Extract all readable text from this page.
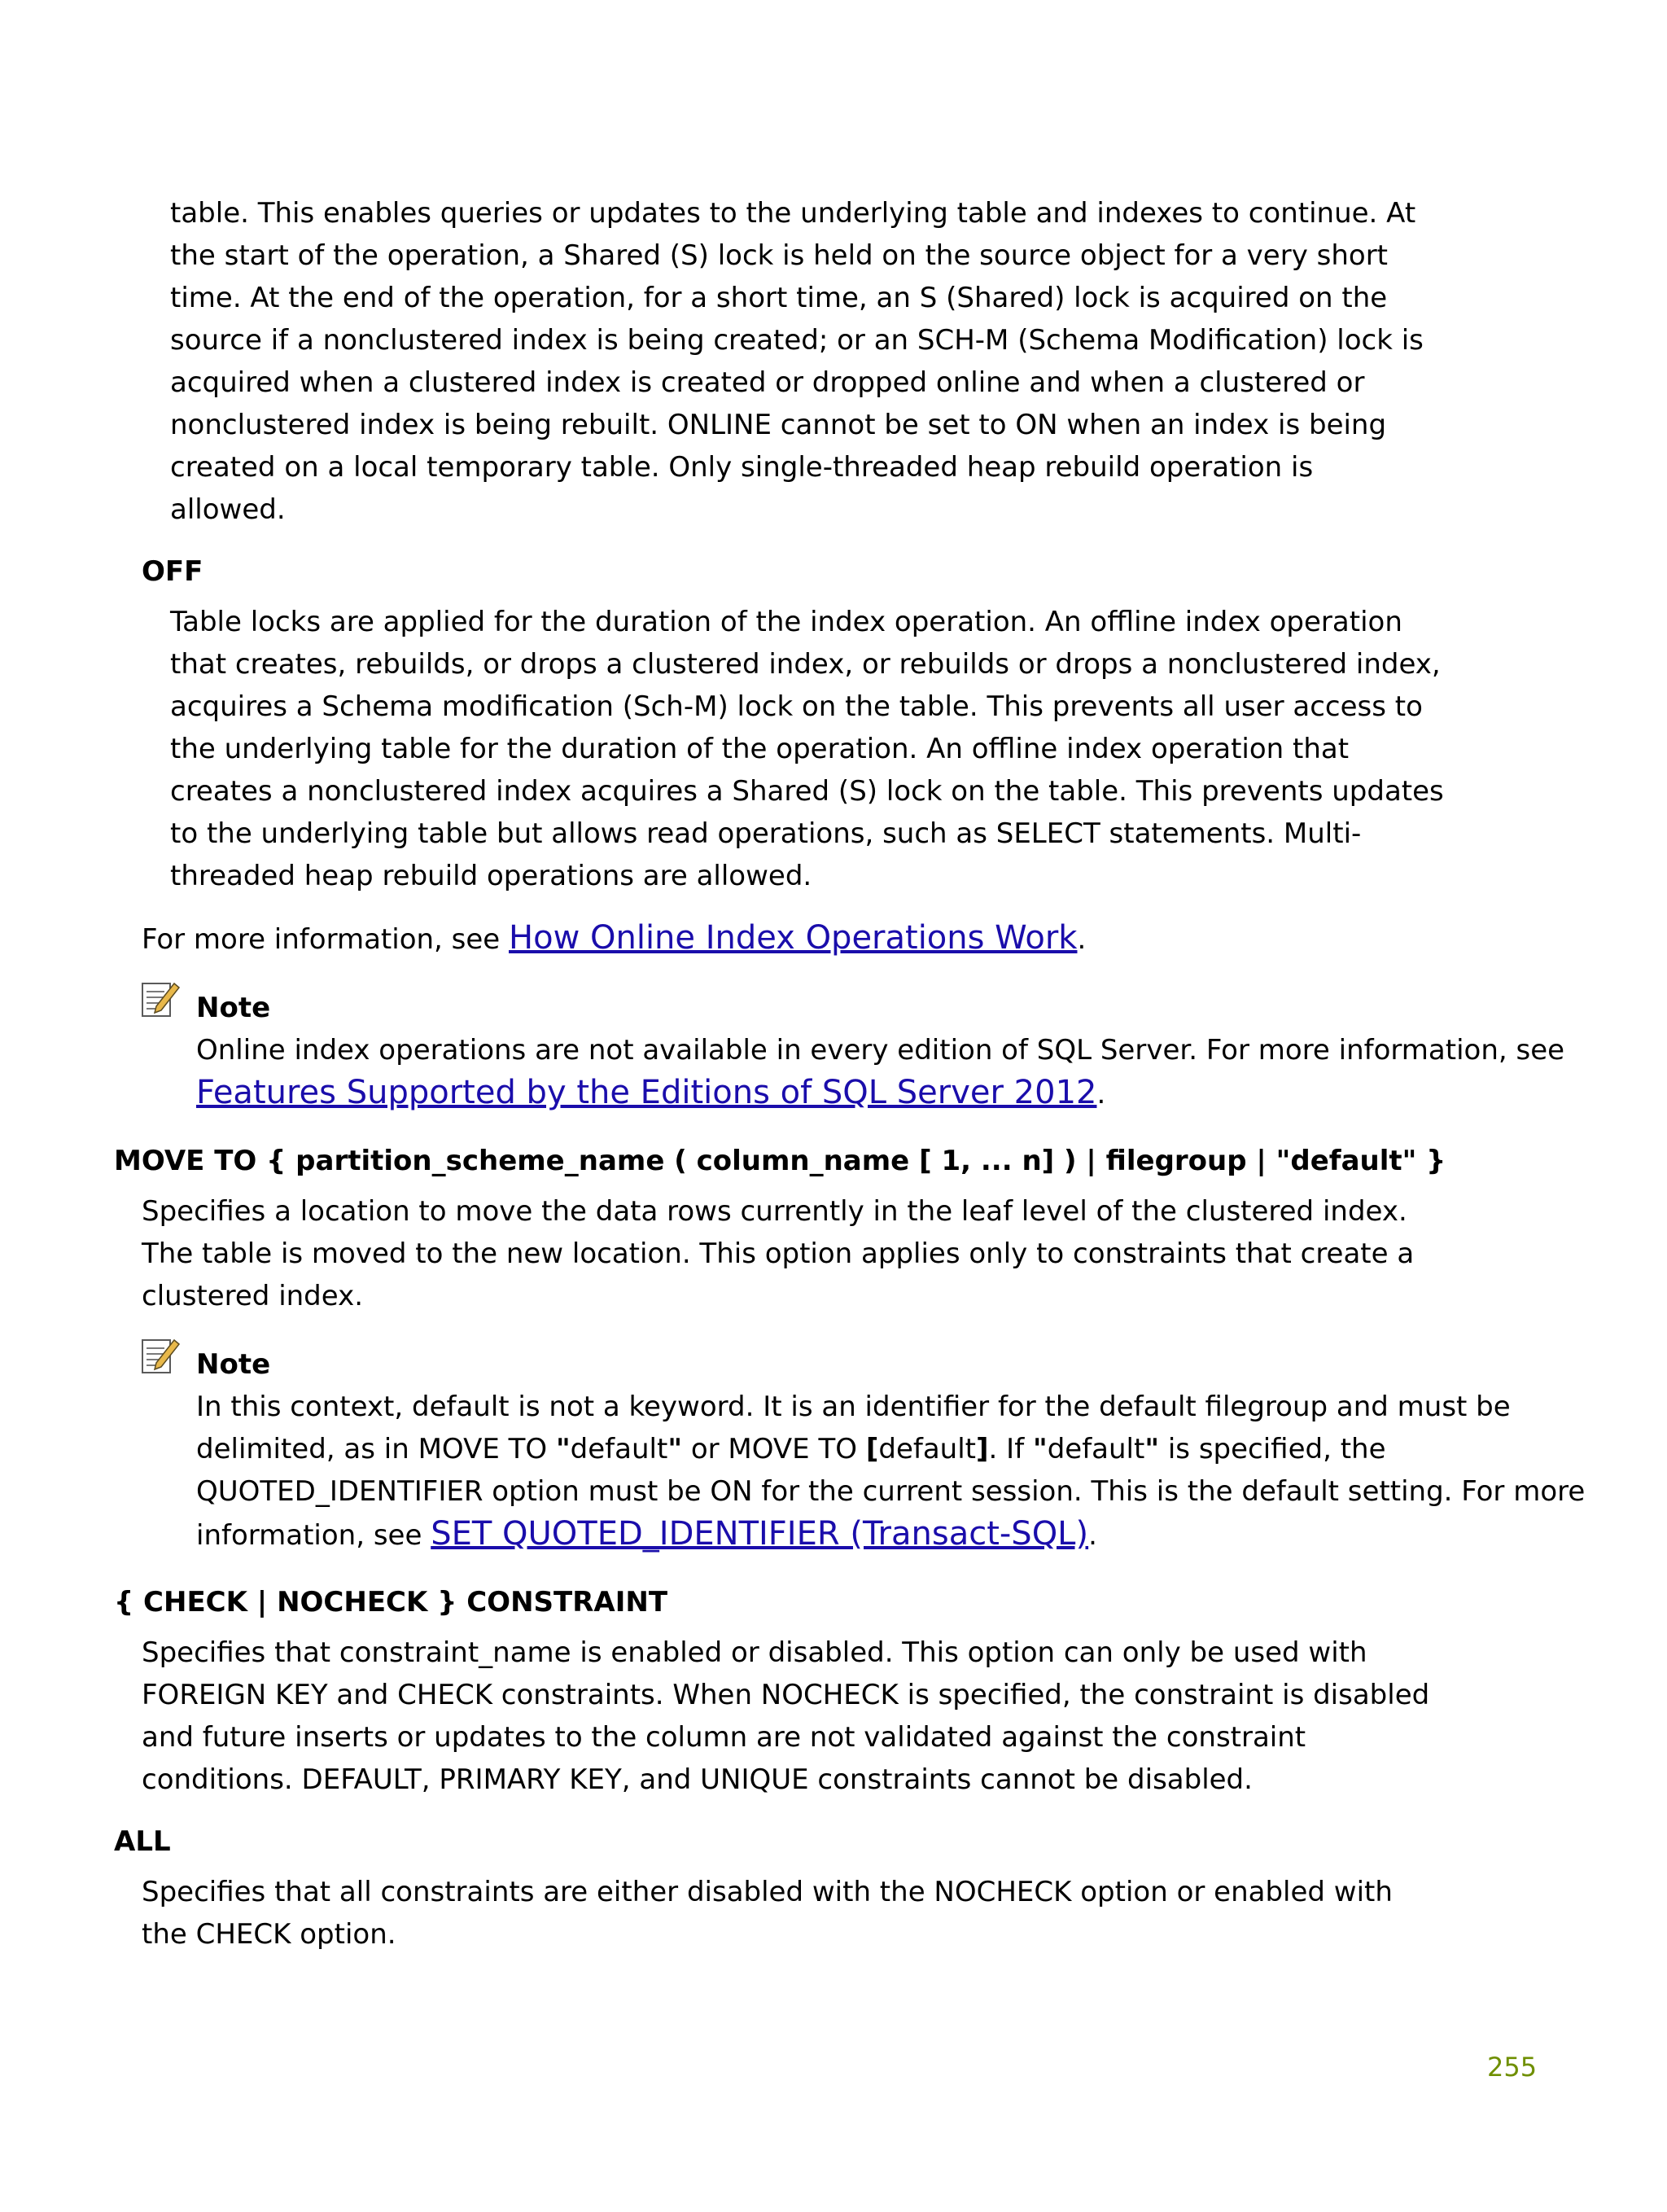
table. This enables queries or updates to the underlying table and indexes to continue. At
the start of the operation, a Shared (S) lock is held on the source object for a very short
time. At the end of the operation, for a short time, an S (Shared) lock is acquired on the
source if a nonclustered index is being created; or an SCH-M (Schema Modification) lock is
acquired when a clustered index is created or dropped online and when a clustered or
nonclustered index is being rebuilt. ONLINE cannot be set to ON when an index is being
created on a local temporary table. Only single-threaded heap rebuild operation is
allowed.
OFF
Table locks are applied for the duration of the index operation. An offline index operation
that creates, rebuilds, or drops a clustered index, or rebuilds or drops a nonclustered index,
acquires a Schema modification (Sch-M) lock on the table. This prevents all user access to
the underlying table for the duration of the operation. An offline index operation that
creates a nonclustered index acquires a Shared (S) lock on the table. This prevents updates
to the underlying table but allows read operations, such as SELECT statements. Multi-
threaded heap rebuild operations are allowed.
For more information, see How Online Index Operations Work.
Note
Online index operations are not available in every edition of SQL Server. For more information, see
Features Supported by the Editions of SQL Server 2012.
MOVE TO { partition_scheme_name ( column_name [ 1, ... n] ) | filegroup | "default" }
Specifies a location to move the data rows currently in the leaf level of the clustered index.
The table is moved to the new location. This option applies only to constraints that create a
clustered index.
Note
In this context, default is not a keyword. It is an identifier for the default filegroup and must be
delimited, as in MOVE TO "default" or MOVE TO [default]. If "default" is specified, the
QUOTED_IDENTIFIER option must be ON for the current session. This is the default setting. For more
information, see SET QUOTED_IDENTIFIER (Transact-SQL).
{ CHECK | NOCHECK } CONSTRAINT
Specifies that constraint_name is enabled or disabled. This option can only be used with
FOREIGN KEY and CHECK constraints. When NOCHECK is specified, the constraint is disabled
and future inserts or updates to the column are not validated against the constraint
conditions. DEFAULT, PRIMARY KEY, and UNIQUE constraints cannot be disabled.
ALL
Specifies that all constraints are either disabled with the NOCHECK option or enabled with
the CHECK option.
255
